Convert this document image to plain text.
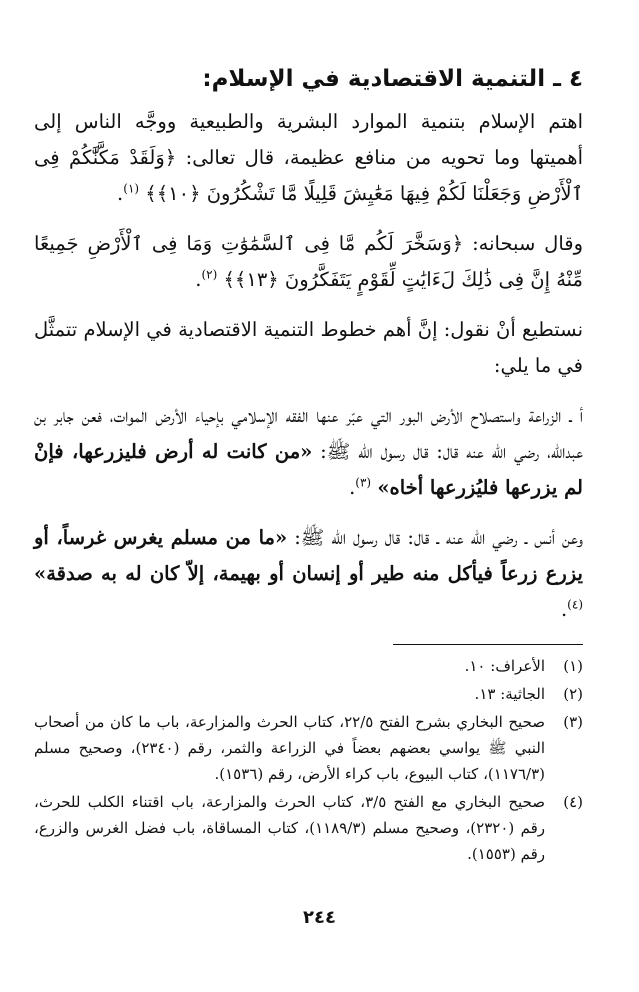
٤ ـ التنمية الاقتصادية في الإسلام:

اهتم الإسلام بتنمية الموارد البشرية والطبيعية ووجَّه الناس إلى أهميتها وما تحويه من منافع عظيمة، قال تعالى: ﴿وَلَقَدْ مَكَّنَّٰكُمْ فِى ٱلْأَرْضِ وَجَعَلْنَا لَكُمْ فِيهَا مَعَٰيِشَ قَلِيلًا مَّا تَشْكُرُونَ ﴿١٠﴾﴾ $^{(١)}$.

وقال سبحانه: ﴿وَسَخَّرَ لَكُم مَّا فِى ٱلسَّمَٰوَٰتِ وَمَا فِى ٱلْأَرْضِ جَمِيعًا مِّنْهُ إِنَّ فِى ذَٰلِكَ لَءَايَٰتٍ لِّقَوْمٍ يَتَفَكَّرُونَ ﴿١٣﴾﴾ $^{(٢)}$.

نستطيع أنْ نقول: إنَّ أهم خطوط التنمية الاقتصادية في الإسلام تتمثَّل في ما يلي:

أ ـ الزراعة واستصلاح الأرض البور التي عبّر عنها الفقه الإسلامي بإحياء الأرض الموات، فعن جابر بن عبدالله، رضي الله عنه قال: قال رسول الله ﷺ: «من كانت له أرض فليزرعها، فإنْ لم يزرعها فليُزرعها أخاه» $^{(٣)}$.

وعن أنس ـ رضي الله عنه ـ قال: قال رسول الله ﷺ: «ما من مسلم يغرس غرساً، أو يزرع زرعاً فيأكل منه طير أو إنسان أو بهيمة، إلاّ كان له به صدقة» $^{(٤)}$.

(١)
الأعراف: ١٠.
(٢)
الجاثية: ١٣.
(٣)
صحيح البخاري بشرح الفتح ٢٢/٥، كتاب الحرث والمزارعة، باب ما كان من أصحاب النبي ﷺ يواسي بعضهم بعضاً في الزراعة والثمر، رقم (٢٣٤٠)، وصحيح مسلم (١١٧٦/٣)، كتاب البيوع، باب كراء الأرض، رقم (١٥٣٦).
(٤)
صحيح البخاري مع الفتح ٣/٥، كتاب الحرث والمزارعة، باب اقتناء الكلب للحرث، رقم (٢٣٢٠)، وصحيح مسلم (١١٨٩/٣)، كتاب المساقاة، باب فضل الغرس والزرع، رقم (١٥٥٣).
٢٤٤
